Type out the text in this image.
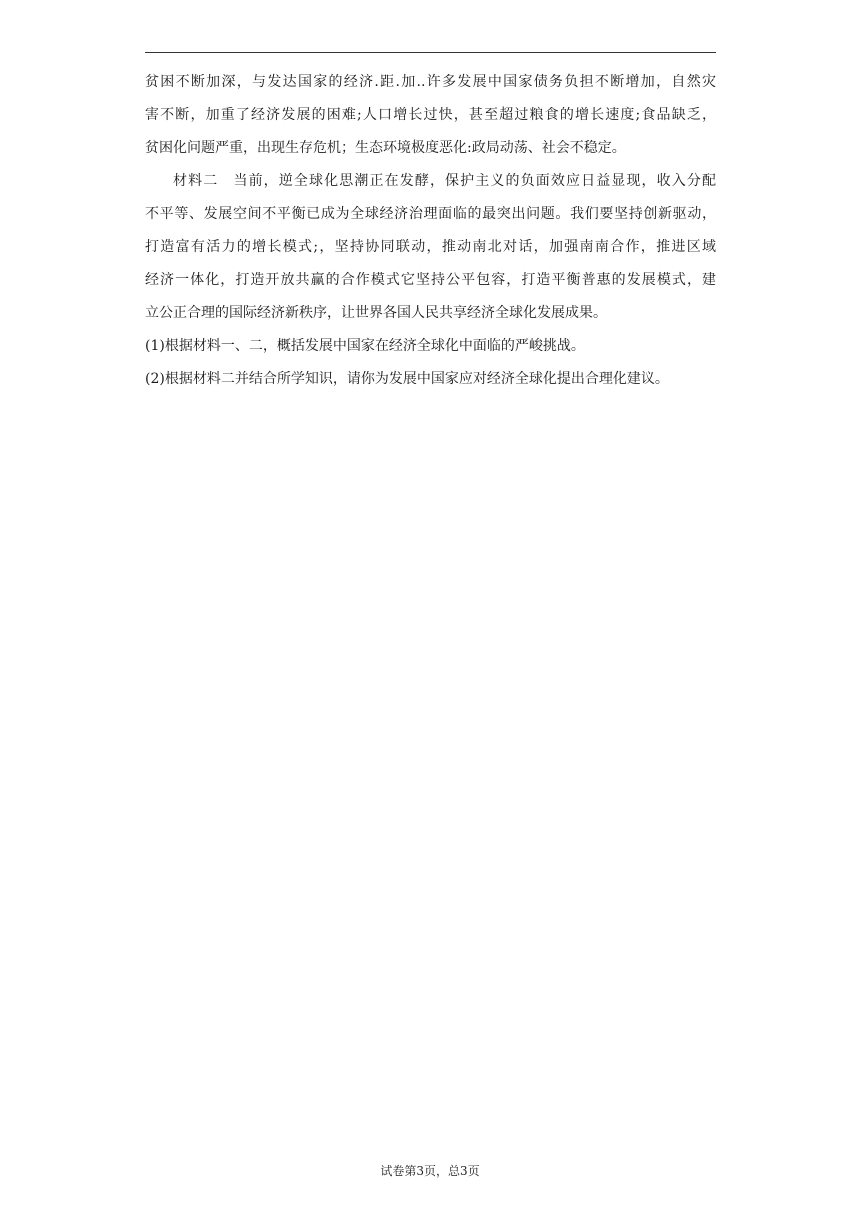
贫困不断加深，与发达国家的经济.距.加..许多发展中国家债务负担不断增加，自然灾
害不断，加重了经济发展的困难;人口增长过快，甚至超过粮食的增长速度;食品缺乏，
贫困化问题严重，出现生存危机；生态环境极度恶化:政局动荡、社会不稳定。
材料二　当前，逆全球化思潮正在发酵，保护主义的负面效应日益显现，收入分配
不平等、发展空间不平衡已成为全球经济治理面临的最突出问题。我们要坚持创新驱动，
打造富有活力的增长模式;，坚持协同联动，推动南北对话，加强南南合作，推进区域
经济一体化，打造开放共赢的合作模式它坚持公平包容，打造平衡普惠的发展模式，建
立公正合理的国际经济新秩序，让世界各国人民共享经济全球化发展成果。
(1)根据材料一、二，概括发展中国家在经济全球化中面临的严峻挑战。
(2)根据材料二并结合所学知识，请你为发展中国家应对经济全球化提出合理化建议。
试卷第3页，总3页
